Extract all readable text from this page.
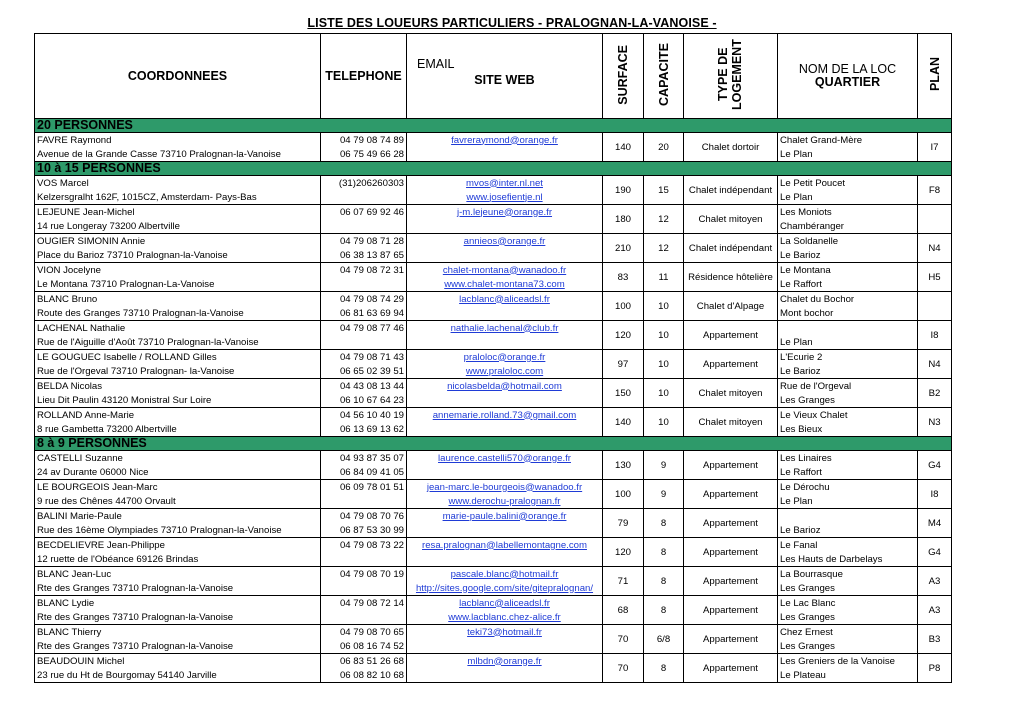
LISTE DES LOUEURS PARTICULIERS - PRALOGNAN-LA-VANOISE -
COORDONNEES	TELEPHONE	EMAIL
SITE WEB	SURFACE	CAPACITE	TYPE DE LOGEMENT	NOM DE LA LOC
QUARTIER	PLAN
20 PERSONNES							
FAVRE Raymond	04 79 08 74 89	favreraymond@orange.fr	140	20	Chalet dortoir	Chalet Grand-Mère	I7
Avenue de la Grande Casse 73710 Pralognan-la-Vanoise	06 75 49 66 28					Le Plan	
10 à 15 PERSONNES							
VOS Marcel	(31)206260303	mvos@inter.nl.net	190	15	Chalet indépendant	Le Petit Poucet	F8
Kelzersgralht 162F, 1015CZ, Amsterdam- Pays-Bas		www.josefientje.nl				Le Plan	
LEJEUNE Jean-Michel	06 07 69 92 46	j-m.lejeune@orange.fr	180	12	Chalet mitoyen	Les Moniots	
14 rue Longeray 73200 Albertville						Chambéranger	
OUGIER SIMONIN Annie	04 79 08 71 28	annieos@orange.fr	210	12	Chalet indépendant	La Soldanelle	N4
Place du Barioz 73710 Pralognan-la-Vanoise	06 38 13 87 65					Le Barioz	
VION Jocelyne	04 79 08 72 31	chalet-montana@wanadoo.fr	83	11	Résidence hôtelière	Le Montana	H5
Le Montana 73710 Pralognan-La-Vanoise		www.chalet-montana73.com				Le Raffort	
BLANC Bruno	04 79 08 74 29	lacblanc@aliceadsl.fr	100	10	Chalet d'Alpage	Chalet du Bochor	
Route des Granges 73710 Pralognan-la-Vanoise	06 81 63 69 94					Mont bochor	
LACHENAL Nathalie	04 79 08 77 46	nathalie.lachenal@club.fr	120	10	Appartement		I8
Rue de l'Aiguille d'Août 73710 Pralognan-la-Vanoise						Le Plan	
LE GOUGUEC Isabelle / ROLLAND Gilles	04 79 08 71 43	praloloc@orange.fr	97	10	Appartement	L'Ecurie 2	N4
Rue de l'Orgeval 73710 Pralognan- la-Vanoise	06 65 02 39 51	www.praloloc.com				Le Barioz	
BELDA Nicolas	04 43 08 13 44	nicolasbelda@hotmail.com	150	10	Chalet mitoyen	Rue de l'Orgeval	B2
Lieu Dit Paulin 43120 Monistral Sur Loire	06 10 67 64 23					Les Granges	
ROLLAND Anne-Marie	04 56 10 40 19	annemarie.rolland.73@gmail.com	140	10	Chalet mitoyen	Le Vieux Chalet	N3
8 rue Gambetta 73200 Albertville	06 13 69 13 62					Les Bieux	
8 à 9 PERSONNES							
CASTELLI Suzanne	04 93 87 35 07	laurence.castelli570@orange.fr	130	9	Appartement	Les Linaires	G4
24 av Durante 06000 Nice	06 84 09 41 05					Le Raffort	
LE BOURGEOIS Jean-Marc	06 09 78 01 51	jean-marc.le-bourgeois@wanadoo.fr	100	9	Appartement	Le Dérochu	I8
9 rue des Chênes 44700 Orvault		www.derochu-pralognan.fr				Le Plan	
BALINI Marie-Paule	04 79 08 70 76	marie-paule.balini@orange.fr	79	8	Appartement		M4
Rue des 16ème Olympiades 73710 Pralognan-la-Vanoise	06 87 53 30 99					Le Barioz	
BECDELIEVRE Jean-Philippe	04 79 08 73 22	resa.pralognan@labellemontagne.com	120	8	Appartement	Le Fanal	G4
12 ruette de l'Obéance 69126 Brindas						Les Hauts de Darbelays	
BLANC Jean-Luc	04 79 08 70 19	pascale.blanc@hotmail.fr	71	8	Appartement	La Bourrasque	A3
Rte des Granges 73710 Pralognan-la-Vanoise		http://sites.google.com/site/gitepralognan/				Les Granges	
BLANC Lydie	04 79 08 72 14	lacblanc@aliceadsl.fr	68	8	Appartement	Le Lac Blanc	A3
Rte des Granges 73710 Pralognan-la-Vanoise		www.lacblanc.chez-alice.fr				Les Granges	
BLANC Thierry	04 79 08 70 65	teki73@hotmail.fr	70	6/8	Appartement	Chez Ernest	B3
Rte des Granges 73710 Pralognan-la-Vanoise	06 08 16 74 52					Les Granges	
BEAUDOUIN Michel	06 83 51 26 68	mlbdn@orange.fr	70	8	Appartement	Les Greniers de la Vanoise	P8
23 rue du Ht de Bourgomay 54140 Jarville	06 08 82 10 68					Le Plateau	
